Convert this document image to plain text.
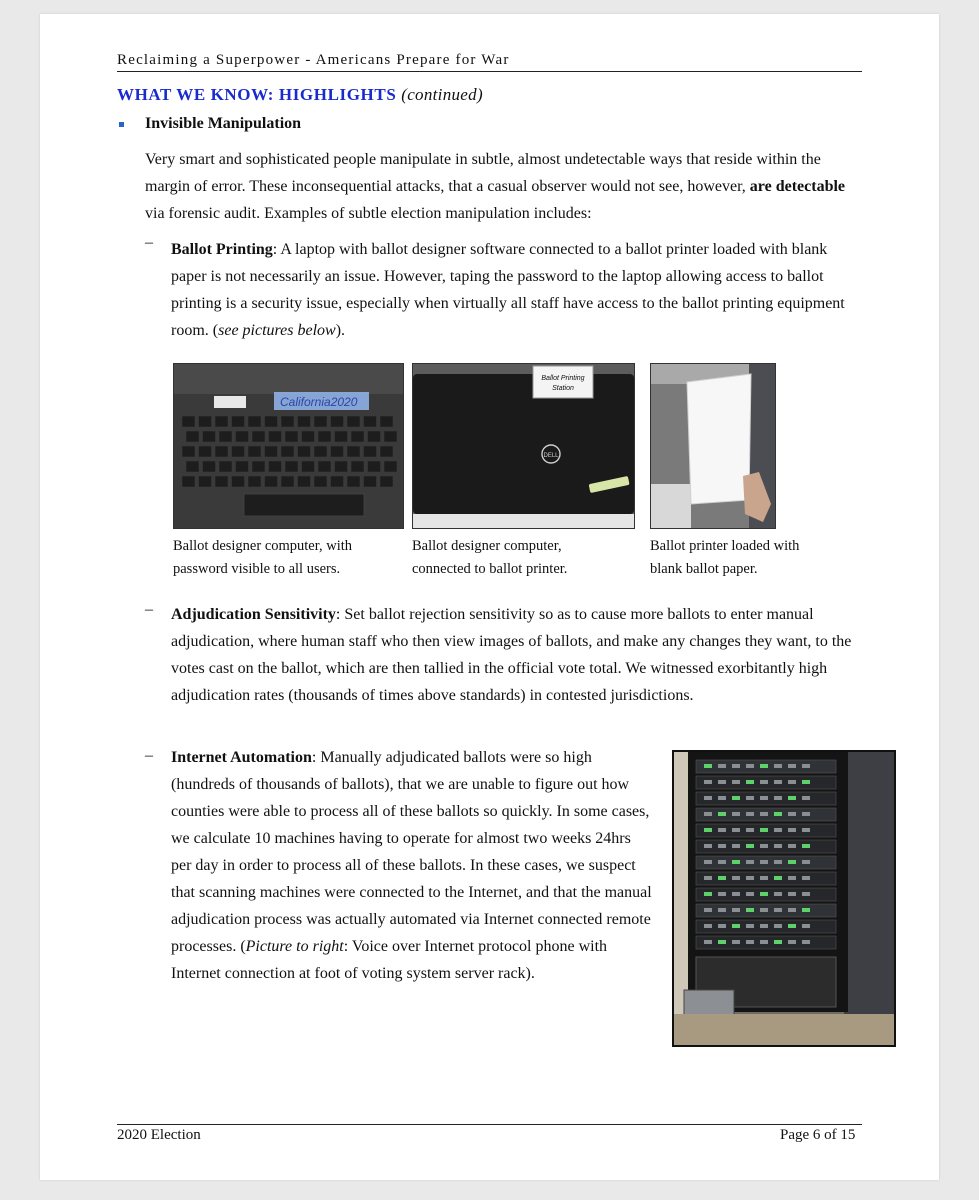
Reclaiming a Superpower - Americans Prepare for War
WHAT WE KNOW: HIGHLIGHTS (continued)
Invisible Manipulation
Very smart and sophisticated people manipulate in subtle, almost undetectable ways that reside within the margin of error. These inconsequential attacks, that a casual observer would not see, however, are detectable via forensic audit. Examples of subtle election manipulation includes:
– Ballot Printing: A laptop with ballot designer software connected to a ballot printer loaded with blank paper is not necessarily an issue. However, taping the password to the laptop allowing access to ballot printing is a security issue, especially when virtually all staff have access to the ballot printing equipment room. (see pictures below).
California2020
Ballot Printing
Station
DELL
Ballot designer computer, with
password visible to all users.
Ballot designer computer,
connected to ballot printer.
Ballot printer loaded with
blank ballot paper.
– Adjudication Sensitivity: Set ballot rejection sensitivity so as to cause more ballots to enter manual adjudication, where human staff who then view images of ballots, and make any changes they want, to the votes cast on the ballot, which are then tallied in the official vote total. We witnessed exorbitantly high adjudication rates (thousands of times above standards) in contested jurisdictions.
– Internet Automation: Manually adjudicated ballots were so high (hundreds of thousands of ballots), that we are unable to figure out how counties were able to process all of these ballots so quickly. In some cases, we calculate 10 machines having to operate for almost two weeks 24hrs per day in order to process all of these ballots. In these cases, we suspect that scanning machines were connected to the Internet, and that the manual adjudication process was actually automated via Internet connected remote processes. (Picture to right: Voice over Internet protocol phone with Internet connection at foot of voting system server rack).
2020 Election	Page 6 of 15
